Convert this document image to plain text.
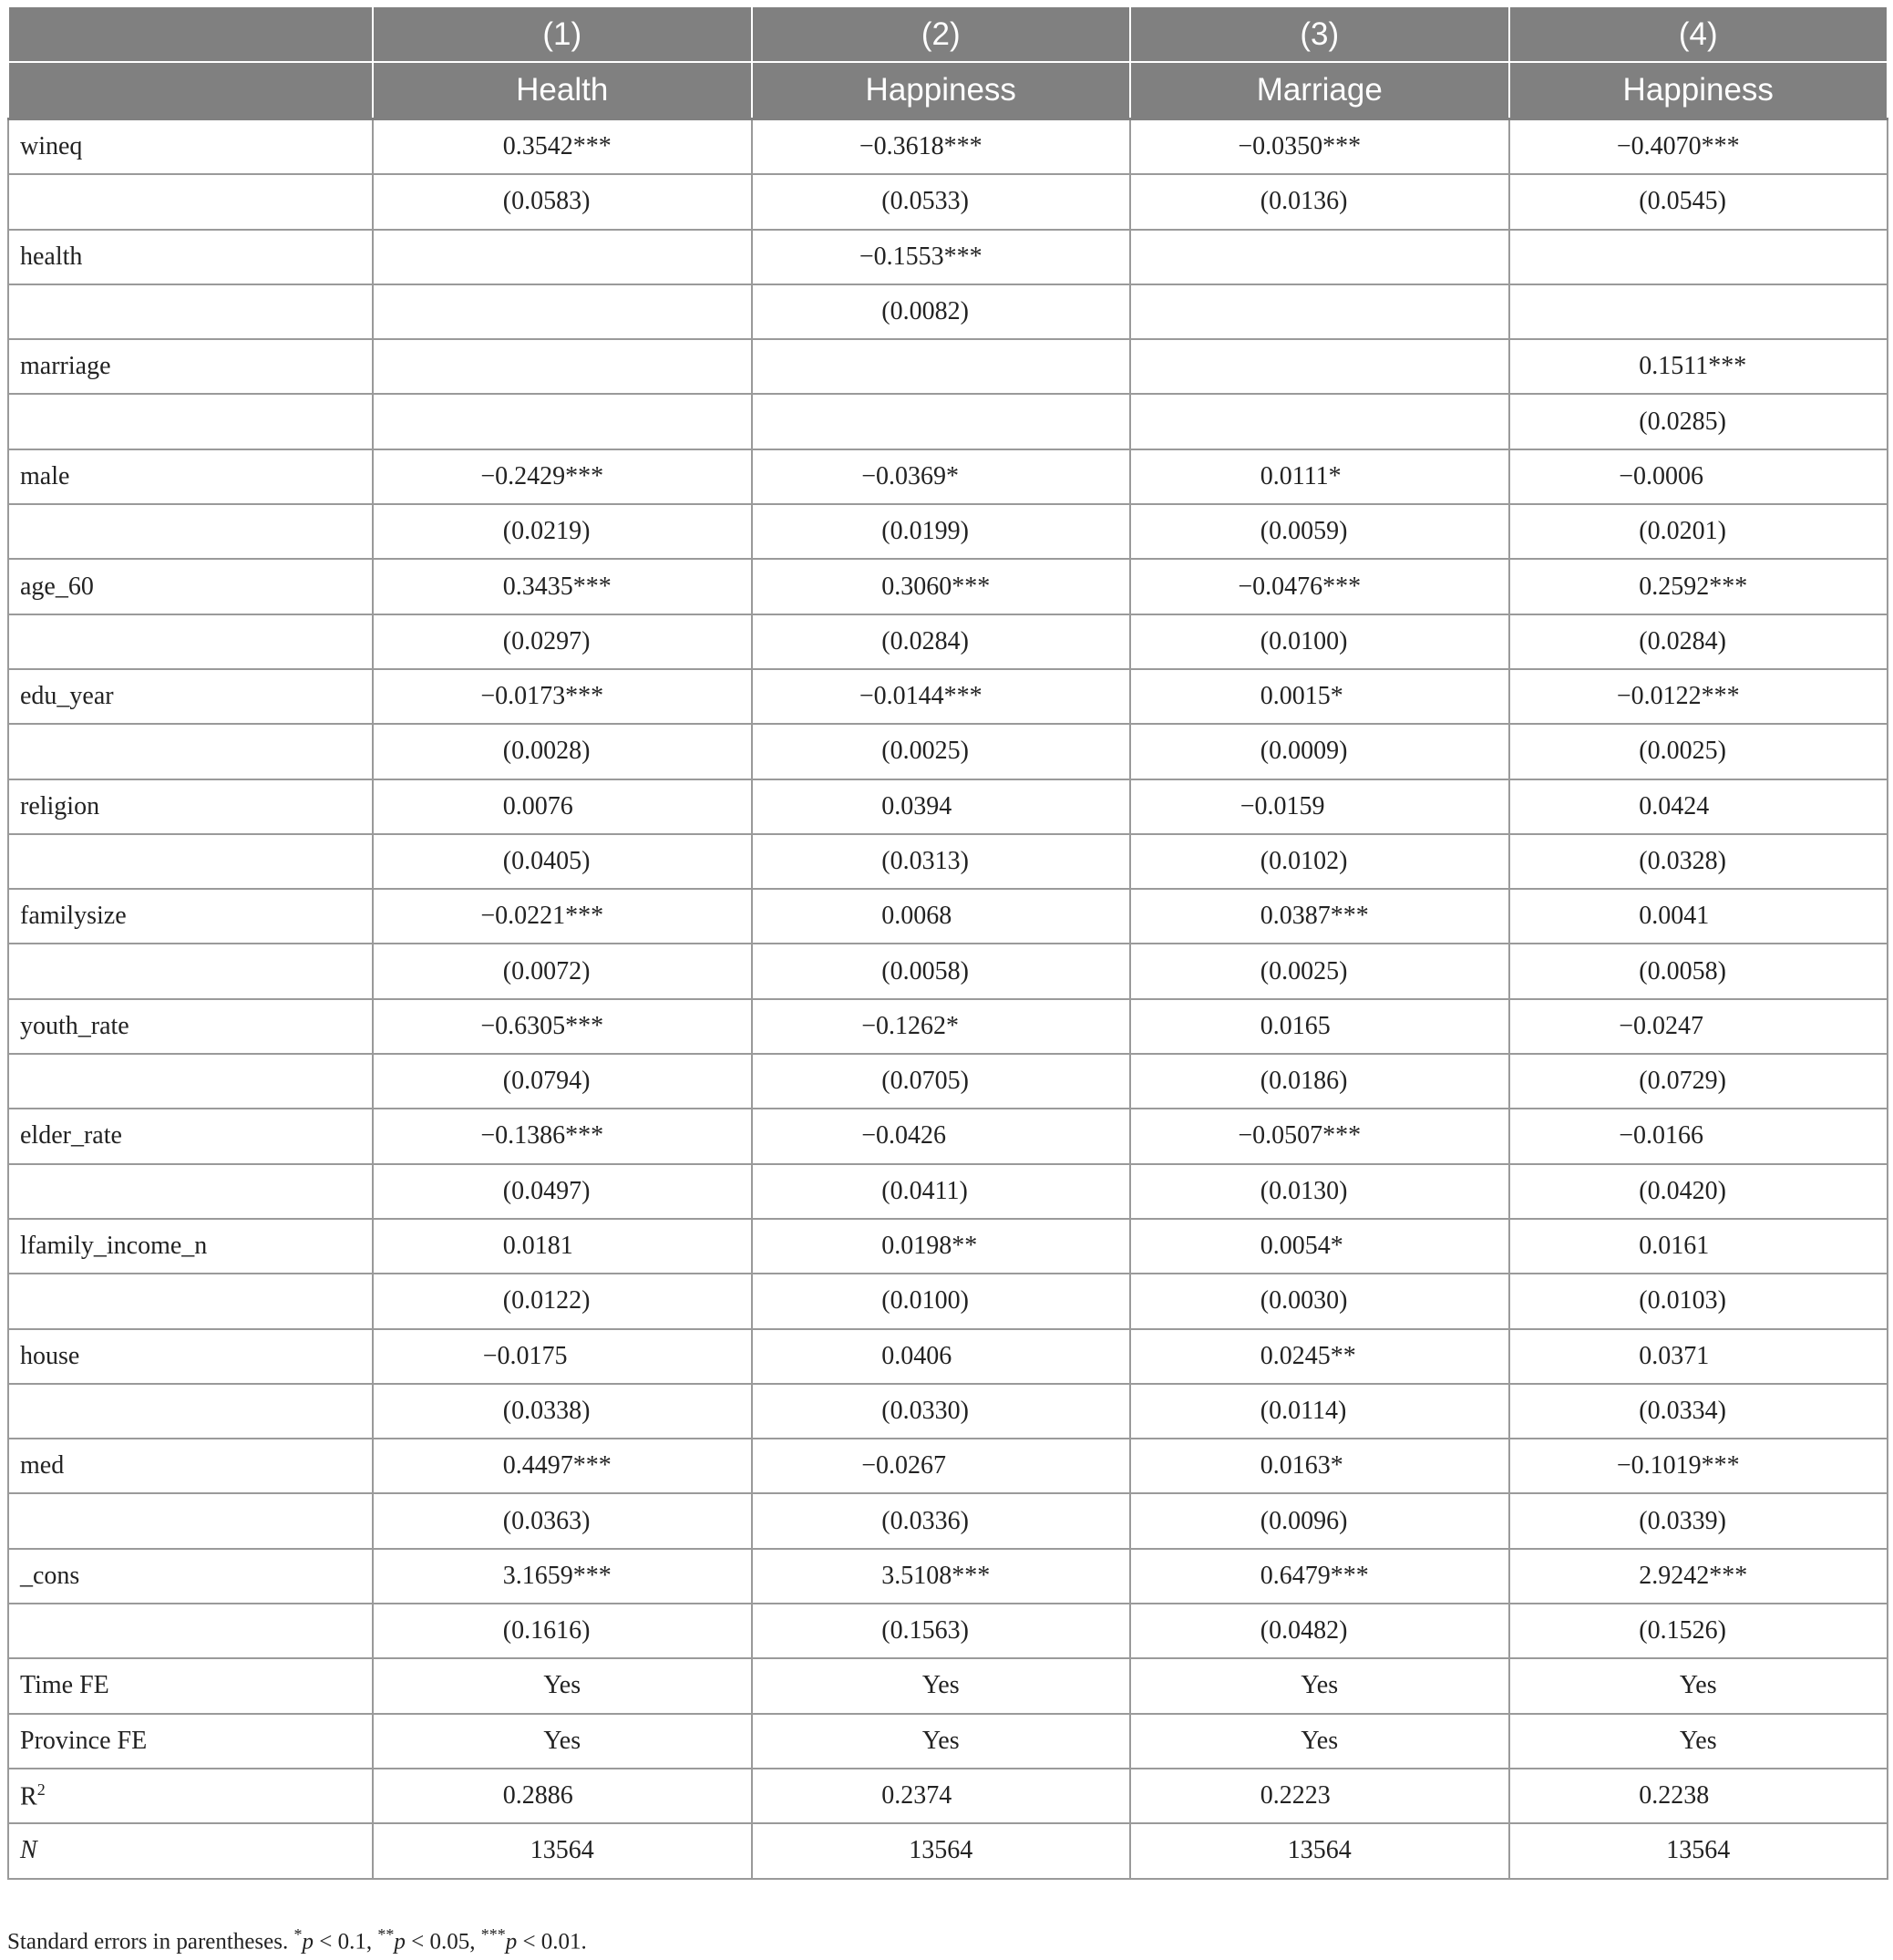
	(1)	(2)	(3)	(4)
	Health	Happiness	Marriage	Happiness
wineq	0.3542***	−0.3618***	−0.0350***	−0.4070***
	(0.0583)	(0.0533)	(0.0136)	(0.0545)
health		−0.1553***		
		(0.0082)		
marriage				0.1511***
				(0.0285)
male	−0.2429***	−0.0369*	0.0111*	−0.0006
	(0.0219)	(0.0199)	(0.0059)	(0.0201)
age_60	0.3435***	0.3060***	−0.0476***	0.2592***
	(0.0297)	(0.0284)	(0.0100)	(0.0284)
edu_year	−0.0173***	−0.0144***	0.0015*	−0.0122***
	(0.0028)	(0.0025)	(0.0009)	(0.0025)
religion	0.0076	0.0394	−0.0159	0.0424
	(0.0405)	(0.0313)	(0.0102)	(0.0328)
familysize	−0.0221***	0.0068	0.0387***	0.0041
	(0.0072)	(0.0058)	(0.0025)	(0.0058)
youth_rate	−0.6305***	−0.1262*	0.0165	−0.0247
	(0.0794)	(0.0705)	(0.0186)	(0.0729)
elder_rate	−0.1386***	−0.0426	−0.0507***	−0.0166
	(0.0497)	(0.0411)	(0.0130)	(0.0420)
lfamily_income_n	0.0181	0.0198**	0.0054*	0.0161
	(0.0122)	(0.0100)	(0.0030)	(0.0103)
house	−0.0175	0.0406	0.0245**	0.0371
	(0.0338)	(0.0330)	(0.0114)	(0.0334)
med	0.4497***	−0.0267	0.0163*	−0.1019***
	(0.0363)	(0.0336)	(0.0096)	(0.0339)
_cons	3.1659***	3.5108***	0.6479***	2.9242***
	(0.1616)	(0.1563)	(0.0482)	(0.1526)
Time FE	Yes	Yes	Yes	Yes
Province FE	Yes	Yes	Yes	Yes
$R^2$	0.2886	0.2374	0.2223	0.2238
N	13564	13564	13564	13564
Standard errors in parentheses. *p < 0.1, **p < 0.05, ***p < 0.01.
